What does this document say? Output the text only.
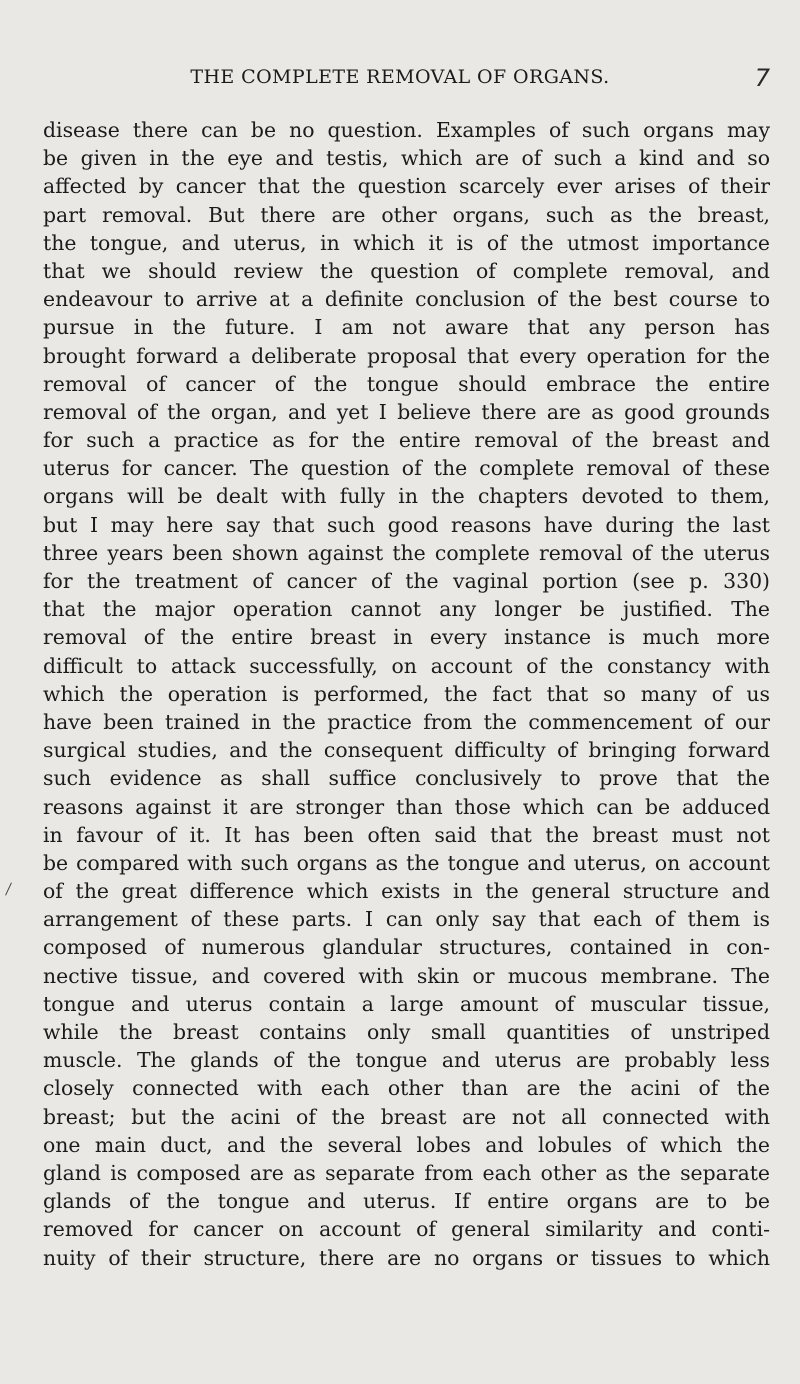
THE COMPLETE REMOVAL OF ORGANS.	7
disease there can be no question. Examples of such organs may
be given in the eye and testis, which are of such a kind and so
affected by cancer that the question scarcely ever arises of their
part removal. But there are other organs, such as the breast,
the tongue, and uterus, in which it is of the utmost importance
that we should review the question of complete removal, and
endeavour to arrive at a definite conclusion of the best course to
pursue in the future. I am not aware that any person has
brought forward a deliberate proposal that every operation for the
removal of cancer of the tongue should embrace the entire
removal of the organ, and yet I believe there are as good grounds
for such a practice as for the entire removal of the breast and
uterus for cancer. The question of the complete removal of these
organs will be dealt with fully in the chapters devoted to them,
but I may here say that such good reasons have during the last
three years been shown against the complete removal of the uterus
for the treatment of cancer of the vaginal portion (see p. 330)
that the major operation cannot any longer be justified. The
removal of the entire breast in every instance is much more
difficult to attack successfully, on account of the constancy with
which the operation is performed, the fact that so many of us
have been trained in the practice from the commencement of our
surgical studies, and the consequent difficulty of bringing forward
such evidence as shall suffice conclusively to prove that the
reasons against it are stronger than those which can be adduced
in favour of it. It has been often said that the breast must not
be compared with such organs as the tongue and uterus, on account
of the great difference which exists in the general structure and
arrangement of these parts. I can only say that each of them is
composed of numerous glandular structures, contained in con-
nective tissue, and covered with skin or mucous membrane. The
tongue and uterus contain a large amount of muscular tissue,
while the breast contains only small quantities of unstriped
muscle. The glands of the tongue and uterus are probably less
closely connected with each other than are the acini of the
breast; but the acini of the breast are not all connected with
one main duct, and the several lobes and lobules of which the
gland is composed are as separate from each other as the separate
glands of the tongue and uterus. If entire organs are to be
removed for cancer on account of general similarity and conti-
nuity of their structure, there are no organs or tissues to which
